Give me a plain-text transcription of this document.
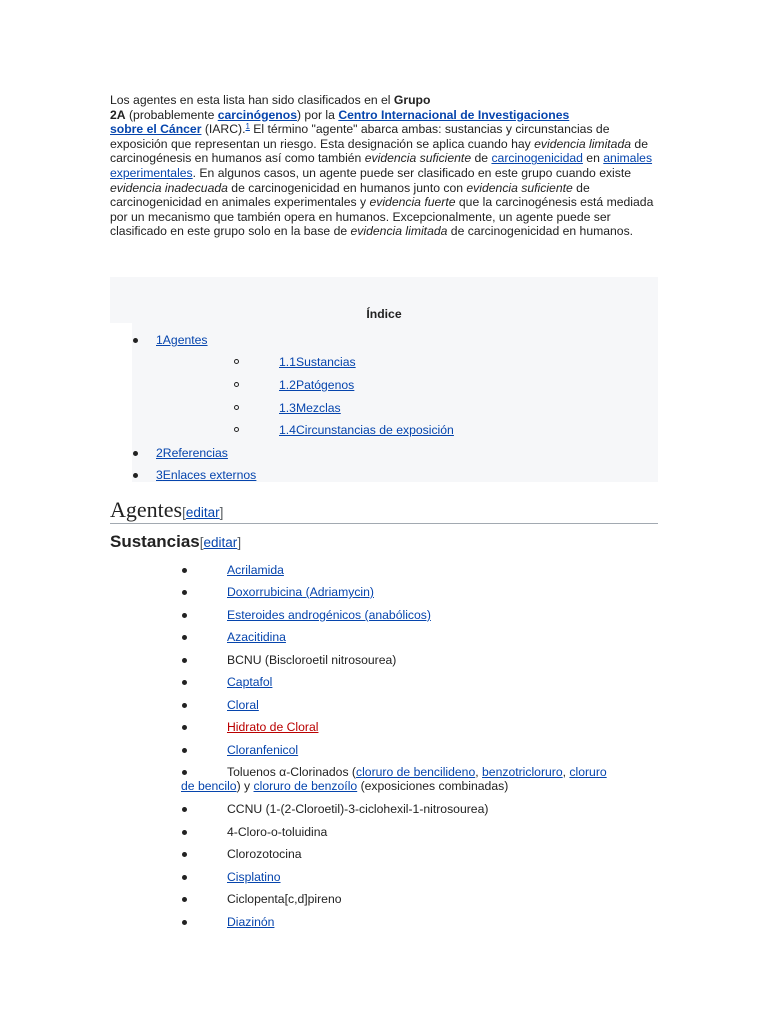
Los agentes en esta lista han sido clasificados en el Grupo
2A (probablemente carcinógenos) por la Centro Internacional de Investigaciones
sobre el Cáncer (IARC).$^1$ El término "agente" abarca ambas: sustancias y circunstancias de exposición que representan un riesgo. Esta designación se aplica cuando hay evidencia limitada de carcinogénesis en humanos así como también evidencia suficiente de carcinogenicidad en animales experimentales. En algunos casos, un agente puede ser clasificado en este grupo cuando existe evidencia inadecuada de carcinogenicidad en humanos junto con evidencia suficiente de carcinogenicidad en animales experimentales y evidencia fuerte que la carcinogénesis está mediada por un mecanismo que también opera en humanos. Excepcionalmente, un agente puede ser clasificado en este grupo solo en la base de evidencia limitada de carcinogenicidad en humanos.
Índice
1Agentes
1.1Sustancias
1.2Patógenos
1.3Mezclas
1.4Circunstancias de exposición
2Referencias
3Enlaces externos
Agentes[editar]
Sustancias[editar]
Acrilamida
Doxorrubicina (Adriamycin)
Esteroides androgénicos (anabólicos)
Azacitidina
BCNU (Biscloroetil nitrosourea)
Captafol
Cloral
Hidrato de Cloral
Cloranfenicol
CCNU (1-(2-Cloroetil)-3-ciclohexil-1-nitrosourea)
4-Cloro-o-toluidina
Clorozotocina
Cisplatino
Ciclopenta[c,d]pireno
Diazinón
Toluenos α-Clorinados (cloruro de bencilideno, benzotricloruro, cloruro
de bencilo) y cloruro de benzoílo (exposiciones combinadas)
